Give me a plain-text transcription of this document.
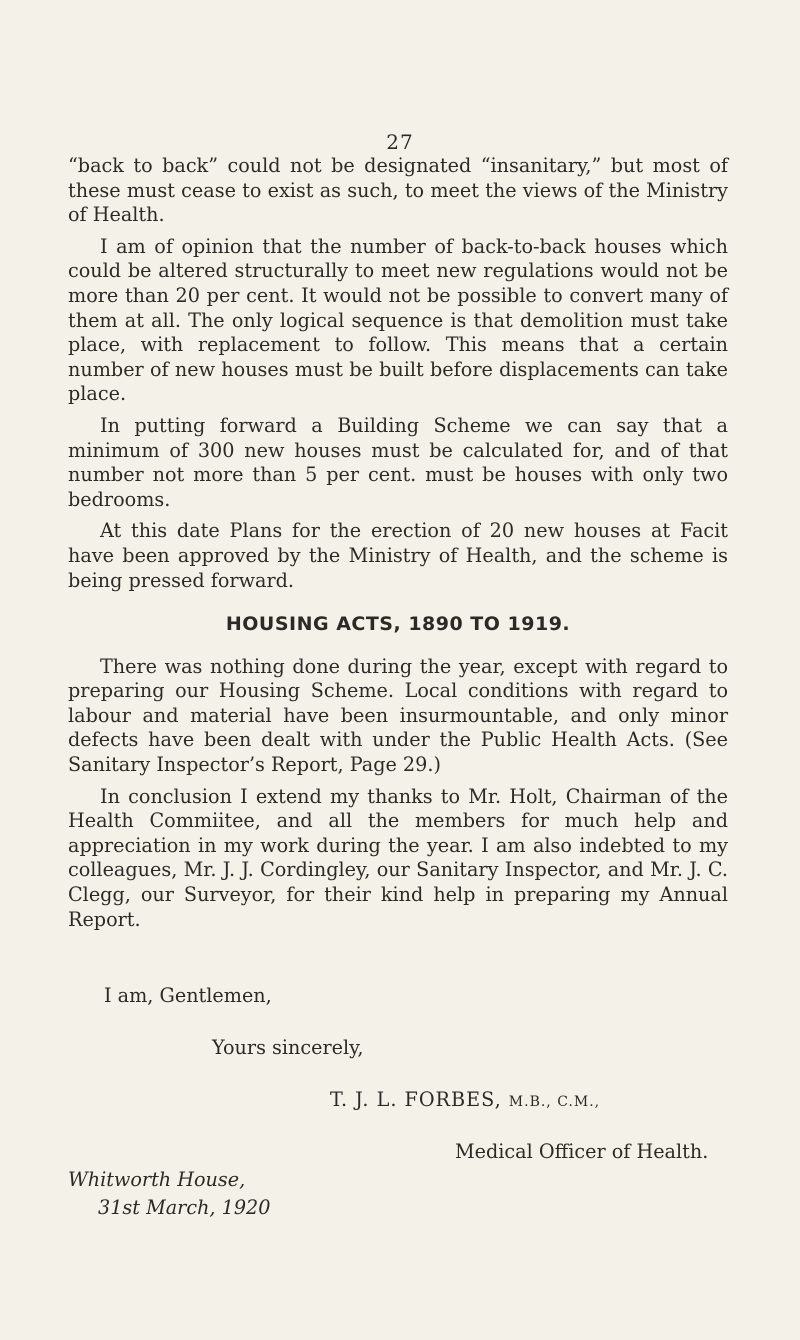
27

“back to back” could not be designated “insanitary,” but most of these must cease to exist as such, to meet the views of the Ministry of Health.

I am of opinion that the number of back-to-back houses which could be altered structurally to meet new regulations would not be more than 20 per cent. It would not be possible to convert many of them at all. The only logical sequence is that demolition must take place, with replacement to follow. This means that a certain number of new houses must be built before displacements can take place.

In putting forward a Building Scheme we can say that a minimum of 300 new houses must be calculated for, and of that number not more than 5 per cent. must be houses with only two bedrooms.

At this date Plans for the erection of 20 new houses at Facit have been approved by the Ministry of Health, and the scheme is being pressed forward.

HOUSING ACTS, 1890 TO 1919.

There was nothing done during the year, except with regard to preparing our Housing Scheme. Local conditions with regard to labour and material have been insurmountable, and only minor defects have been dealt with under the Public Health Acts. (See Sanitary Inspector’s Report, Page 29.)

In conclusion I extend my thanks to Mr. Holt, Chairman of the Health Commiitee, and all the members for much help and appreciation in my work during the year. I am also indebted to my colleagues, Mr. J. J. Cordingley, our Sanitary Inspector, and Mr. J. C. Clegg, our Surveyor, for their kind help in preparing my Annual Report.

I am, Gentlemen,
Yours sincerely,
T. J. L. FORBES, M.B., C.M.,
Medical Officer of Health.
Whitworth House,
31st March, 1920
